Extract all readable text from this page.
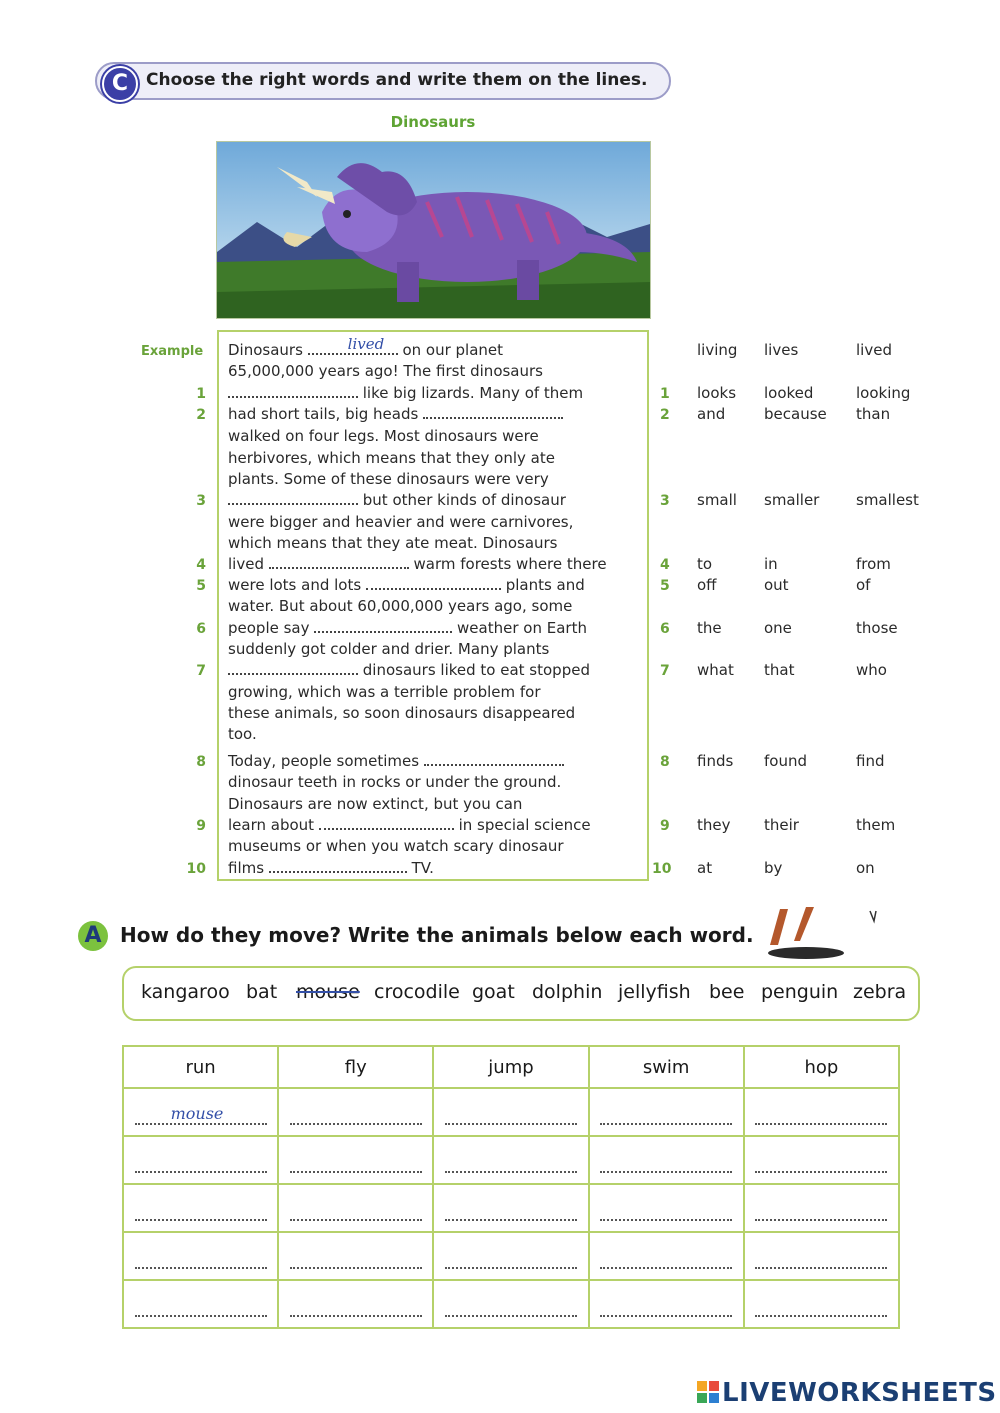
C	Choose the right words and write them on the lines.
Dinosaurs
Example Dinosaurs	lived on our planet
65,000,000 years ago! The first dinosaurs
1	like big lizards. Many of them
2 had short tails, big heads
walked on four legs. Most dinosaurs were
herbivores, which means that they only ate
plants. Some of these dinosaurs were very
3	but other kinds of dinosaur
were bigger and heavier and were carnivores,
which means that they ate meat. Dinosaurs
4 lived	warm forests where there
5 were lots and lots	plants and
water. But about 60,000,000 years ago, some
6 people say	weather on Earth
suddenly got colder and drier. Many plants
7	dinosaurs liked to eat stopped
growing, which was a terrible problem for
these animals, so soon dinosaurs disappeared
too.
8 Today, people sometimes
dinosaur teeth in rocks or under the ground.
Dinosaurs are now extinct, but you can
9 learn about	in special science
museums or when you watch scary dinosaur
10 films	TV.
living lives	lived
1 looks looked	looking
2 and	because than
3 small smaller smallest
4 to	in	from
5 off	out	of
6 the	one	those
7 what that	who
8 finds found	find
9 they their	them
10 at	by	on
A How do they move? Write the animals below each word.
kangaroo bat mouse crocodile goat dolphin jellyfish bee penguin zebra
run	fly	jump	swim	hop

mouse				

LIVEWORKSHEETS
